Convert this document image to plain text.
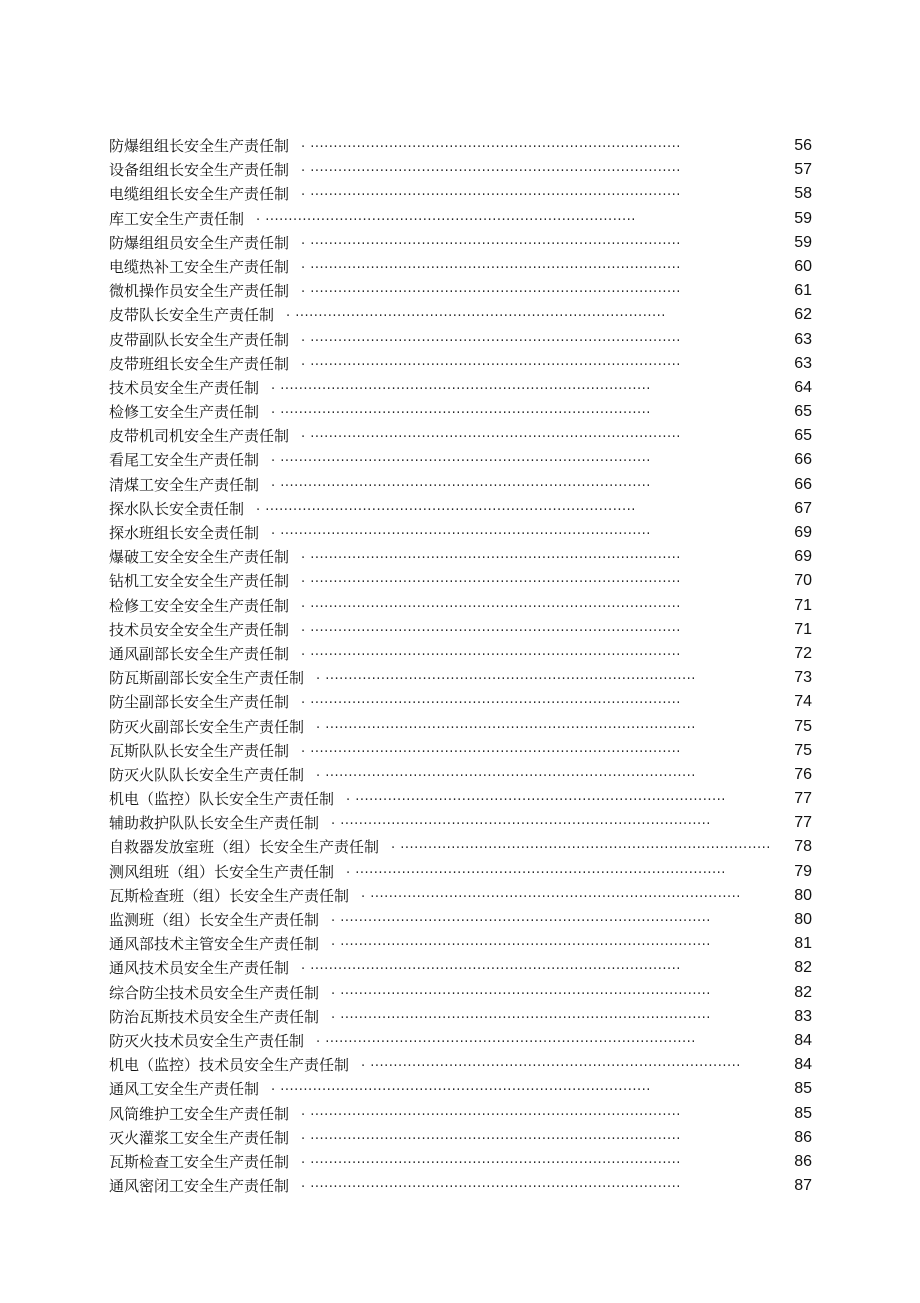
防爆组组长安全生产责任制 . ................................................................................	56
设备组组长安全生产责任制 . ................................................................................	57
电缆组组长安全生产责任制 . ................................................................................	58
库工安全生产责任制 . ................................................................................	59
防爆组组员安全生产责任制 . ................................................................................	59
电缆热补工安全生产责任制 . ................................................................................	60
微机操作员安全生产责任制 . ................................................................................	61
皮带队长安全生产责任制 . ................................................................................	62
皮带副队长安全生产责任制 . ................................................................................	63
皮带班组长安全生产责任制 . ................................................................................	63
技术员安全生产责任制 . ................................................................................	64
检修工安全生产责任制 . ................................................................................	65
皮带机司机安全生产责任制 . ................................................................................	65
看尾工安全生产责任制 . ................................................................................	66
清煤工安全生产责任制 . ................................................................................	66
探水队长安全责任制 . ................................................................................	67
探水班组长安全责任制 . ................................................................................	69
爆破工安全安全生产责任制 . ................................................................................	69
钻机工安全安全生产责任制 . ................................................................................	70
检修工安全安全生产责任制 . ................................................................................	71
技术员安全安全生产责任制 . ................................................................................	71
通风副部长安全生产责任制 . ................................................................................	72
防瓦斯副部长安全生产责任制 . ................................................................................	73
防尘副部长安全生产责任制 . ................................................................................	74
防灭火副部长安全生产责任制 . ................................................................................	75
瓦斯队队长安全生产责任制 . ................................................................................	75
防灭火队队长安全生产责任制 . ................................................................................	76
机电（监控）队长安全生产责任制 . ................................................................................	77
辅助救护队队长安全生产责任制 . ................................................................................	77
自救器发放室班（组）长安全生产责任制 . ................................................................................ 78
测风组班（组）长安全生产责任制 . ................................................................................	79
瓦斯检查班（组）长安全生产责任制 . ................................................................................	80
监测班（组）长安全生产责任制 . ................................................................................	80
通风部技术主管安全生产责任制 . ................................................................................	81
通风技术员安全生产责任制 . ................................................................................	82
综合防尘技术员安全生产责任制 . ................................................................................	82
防治瓦斯技术员安全生产责任制 . ................................................................................	83
防灭火技术员安全生产责任制 . ................................................................................	84
机电（监控）技术员安全生产责任制 . ................................................................................	84
通风工安全生产责任制 . ................................................................................	85
风筒维护工安全生产责任制 . ................................................................................	85
灭火灌浆工安全生产责任制 . ................................................................................	86
瓦斯检查工安全生产责任制 . ................................................................................	86
通风密闭工安全生产责任制 . ................................................................................	87
